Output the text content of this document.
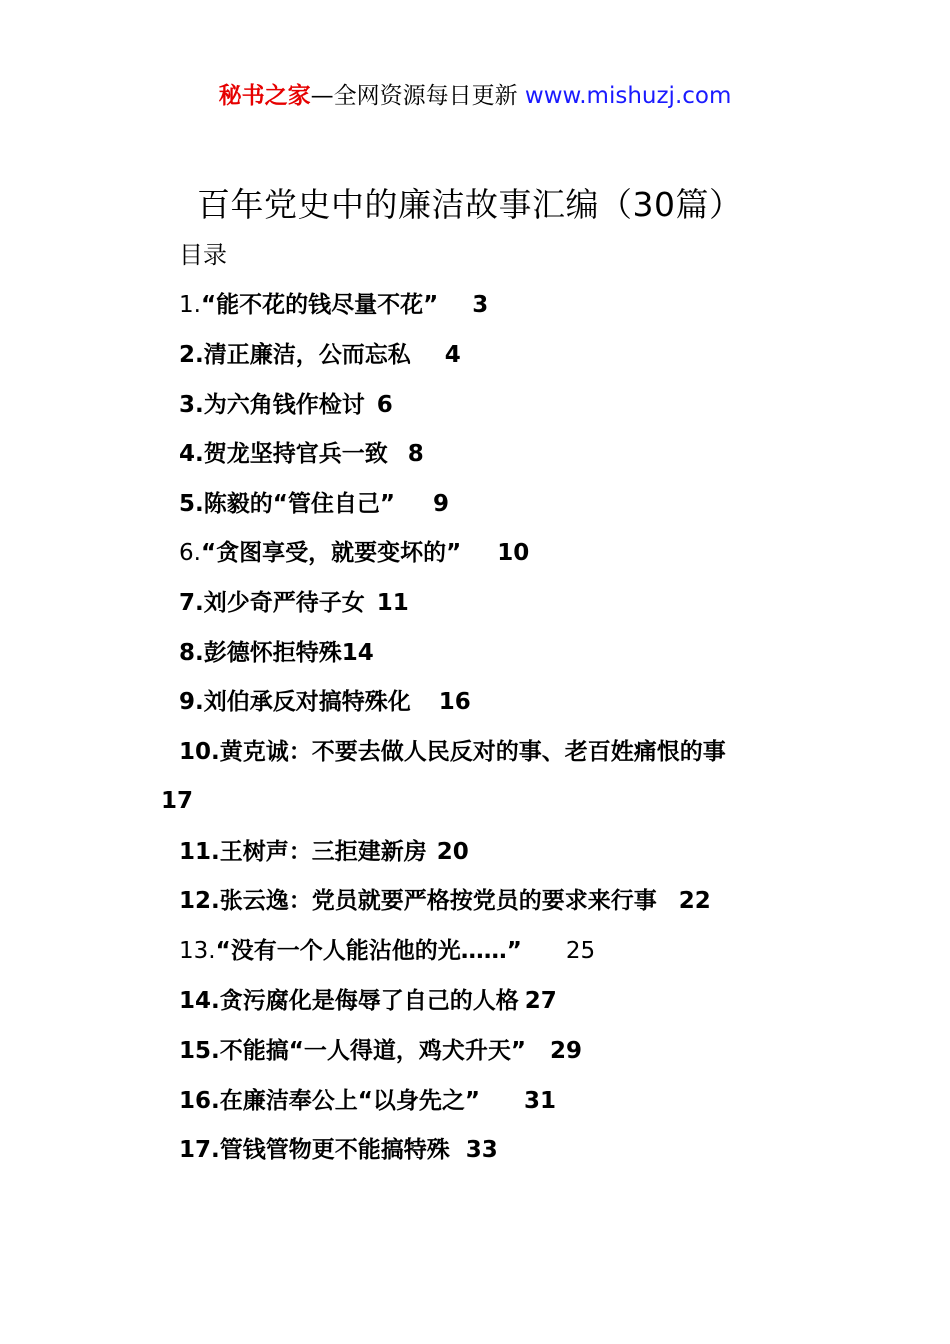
秘书之家—全网资源每日更新 www.mishuzj.com
百年党史中的廉洁故事汇编（30篇）
目录
1.“能不花的钱尽量不花” 3
2.清正廉洁，公而忘私 4
3.为六角钱作检讨 6
4.贺龙坚持官兵一致 8
5.陈毅的“管住自己” 9
6.“贪图享受，就要变坏的” 10
7.刘少奇严待子女 11
8.彭德怀拒特殊14
9.刘伯承反对搞特殊化 16
10.黄克诚：不要去做人民反对的事、老百姓痛恨的事
17
11.王树声：三拒建新房 20
12.张云逸：党员就要严格按党员的要求来行事 22
13.“没有一个人能沾他的光……” 25
14.贪污腐化是侮辱了自己的人格 27
15.不能搞“一人得道，鸡犬升天” 29
16.在廉洁奉公上“以身先之” 31
17.管钱管物更不能搞特殊 33
